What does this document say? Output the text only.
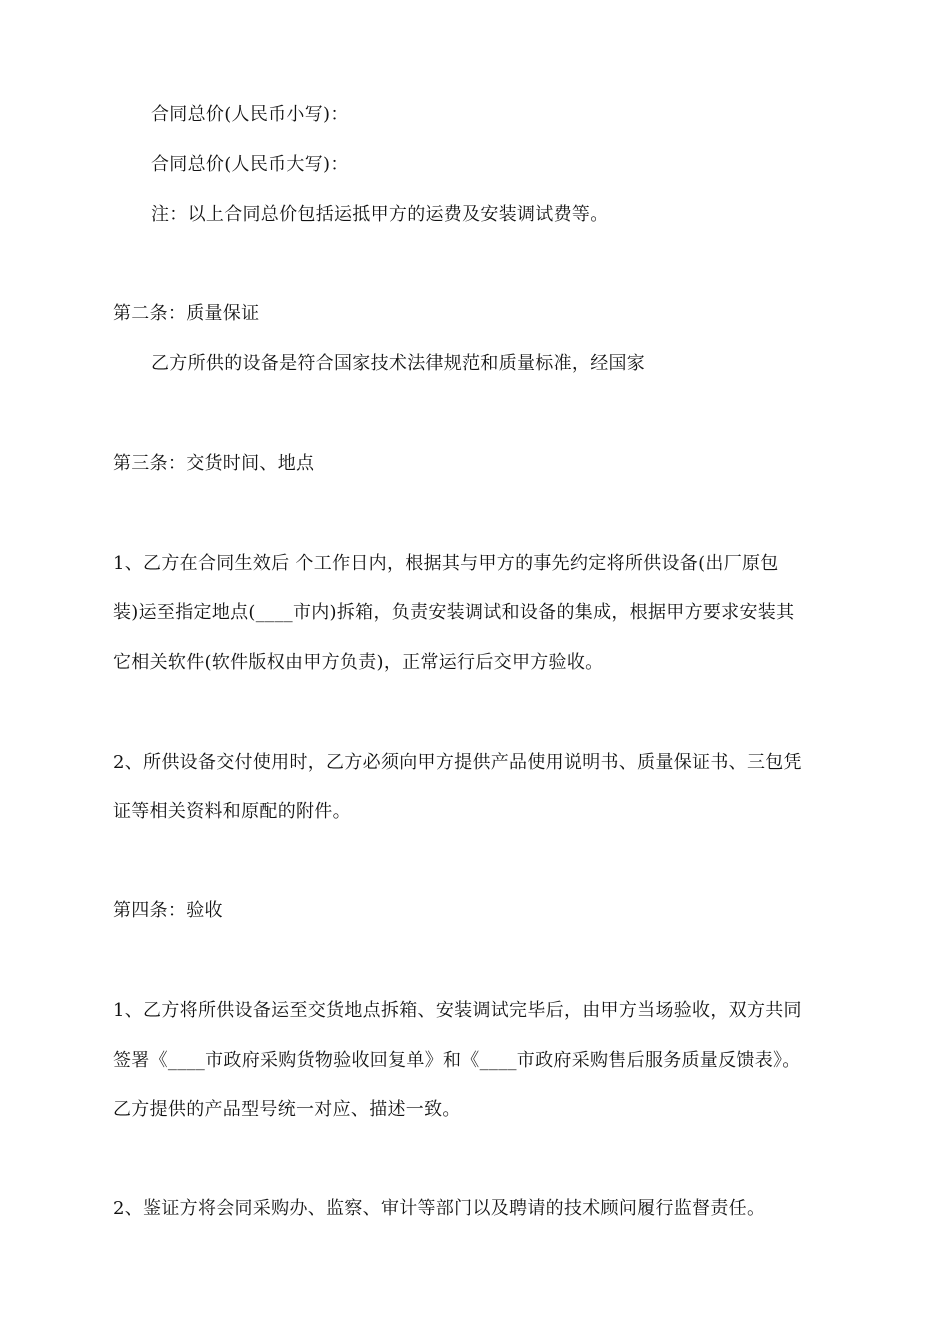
合同总价(人民币小写)：
合同总价(人民币大写)：
注：以上合同总价包括运抵甲方的运费及安装调试费等。
第二条：质量保证
乙方所供的设备是符合国家技术法律规范和质量标准，经国家
第三条：交货时间、地点
1、乙方在合同生效后 个工作日内，根据其与甲方的事先约定将所供设备(出厂原包
装)运至指定地点(____市内)拆箱，负责安装调试和设备的集成，根据甲方要求安装其
它相关软件(软件版权由甲方负责)，正常运行后交甲方验收。
2、所供设备交付使用时，乙方必须向甲方提供产品使用说明书、质量保证书、三包凭
证等相关资料和原配的附件。
第四条：验收
1、乙方将所供设备运至交货地点拆箱、安装调试完毕后，由甲方当场验收，双方共同
签署《____市政府采购货物验收回复单》和《____市政府采购售后服务质量反馈表》。
乙方提供的产品型号统一对应、描述一致。
2、鉴证方将会同采购办、监察、审计等部门以及聘请的技术顾问履行监督责任。
